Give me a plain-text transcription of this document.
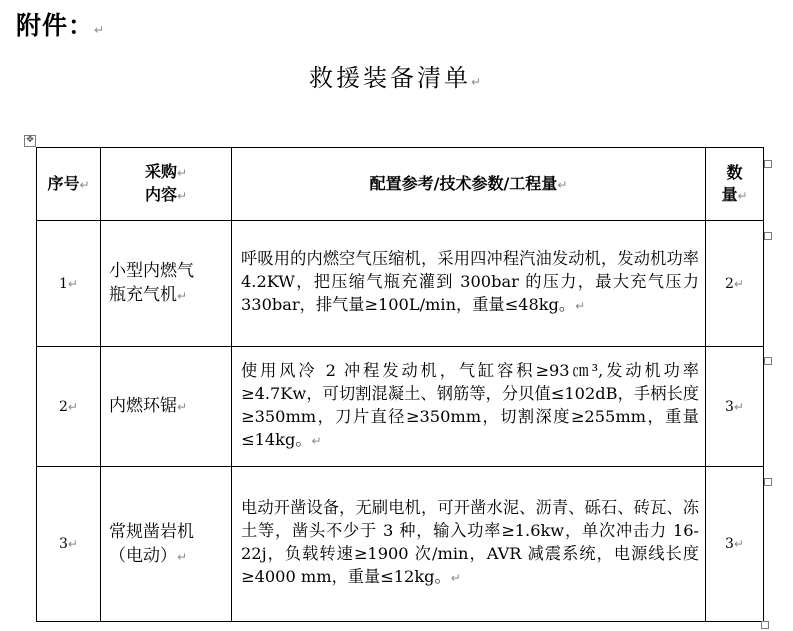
附件：↵
救援装备清单↵
✥
序号↵	采购↵
内容↵	配置参考/技术参数/工程量↵	数
量↵
1↵	小型内燃气
瓶充气机↵	呼吸用的内燃空气压缩机，采用四冲程汽油发动机，发动机功率 4.2KW，把压缩气瓶充灌到 300bar 的压力，最大充气压力 330bar，排气量≥100L/min，重量≤48kg。↵	2↵
2↵	内燃环锯↵	使用风冷 2 冲程发动机，气缸容积≥93㎝³,发动机功率≥4.7Kw，可切割混凝土、钢筋等，分贝值≤102dB，手柄长度≥350mm，刀片直径≥350mm，切割深度≥255mm，重量≤14kg。↵	3↵
3↵	常规凿岩机
（电动）↵	电动开凿设备，无刷电机，可开凿水泥、沥青、砾石、砖瓦、冻土等，凿头不少于 3 种，输入功率≥1.6kw，单次冲击力 16-22j，负载转速≥1900 次/min，AVR 减震系统，电源线长度≥4000 mm，重量≤12kg。↵	3↵
